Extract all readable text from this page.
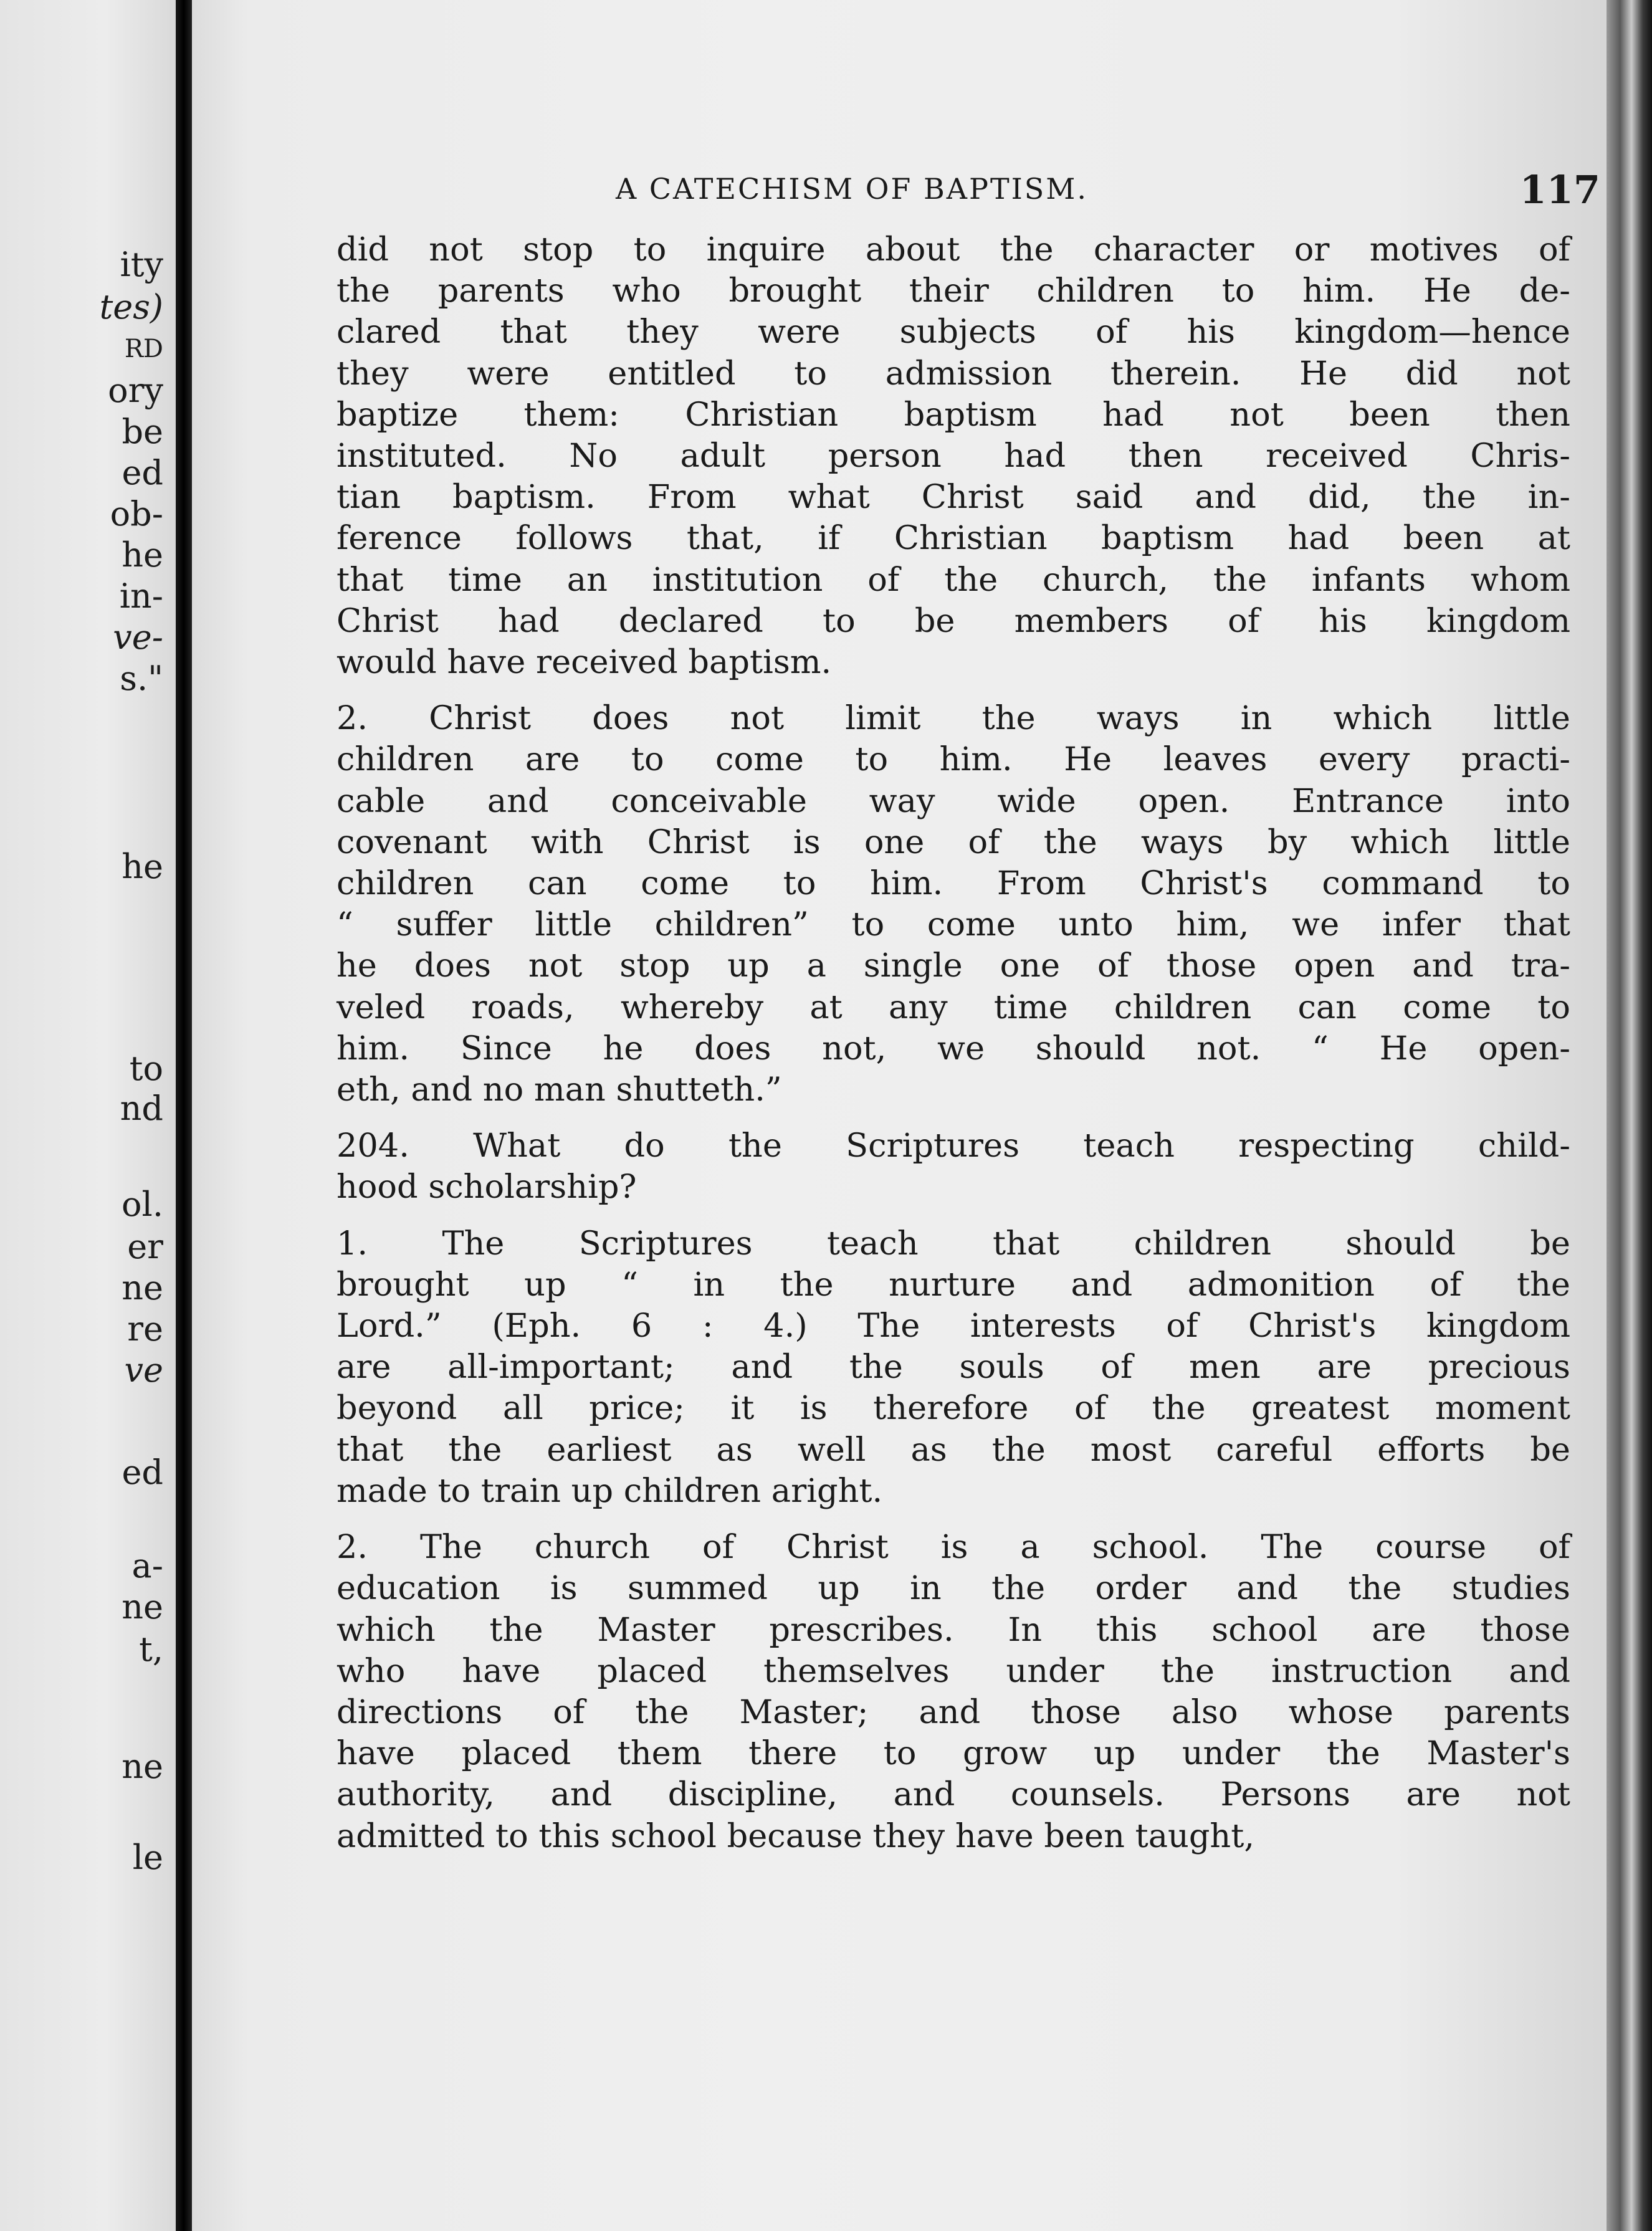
ity
tes)
RD
ory
be
ed
ob-
he
in-
ve-
s."
he
to
nd
ol.
er
ne
re
ve
ed
a-
ne
t,
ne
le
A CATECHISM OF BAPTISM.	117

did not stop to inquire about the character or motives of
the parents who brought their children to him. He de-
clared that they were subjects of his kingdom—hence
they were entitled to admission therein. He did not
baptize them: Christian baptism had not been then
instituted. No adult person had then received Chris-
tian baptism. From what Christ said and did, the in-
ference follows that, if Christian baptism had been at
that time an institution of the church, the infants whom
Christ had declared to be members of his kingdom
would have received baptism.

2. Christ does not limit the ways in which little
children are to come to him. He leaves every practi-
cable and conceivable way wide open. Entrance into
covenant with Christ is one of the ways by which little
children can come to him. From Christ's command to
“ suffer little children” to come unto him, we infer that
he does not stop up a single one of those open and tra-
veled roads, whereby at any time children can come to
him. Since he does not, we should not. “ He open-
eth, and no man shutteth.”

204. What do the Scriptures teach respecting child-
hood scholarship?

1. The Scriptures teach that children should be
brought up “ in the nurture and admonition of the
Lord.” (Eph. 6 : 4.) The interests of Christ's kingdom
are all-important; and the souls of men are precious
beyond all price; it is therefore of the greatest moment
that the earliest as well as the most careful efforts be
made to train up children aright.

2. The church of Christ is a school. The course of
education is summed up in the order and the studies
which the Master prescribes. In this school are those
who have placed themselves under the instruction and
directions of the Master; and those also whose parents
have placed them there to grow up under the Master's
authority, and discipline, and counsels. Persons are not
admitted to this school because they have been taught,
